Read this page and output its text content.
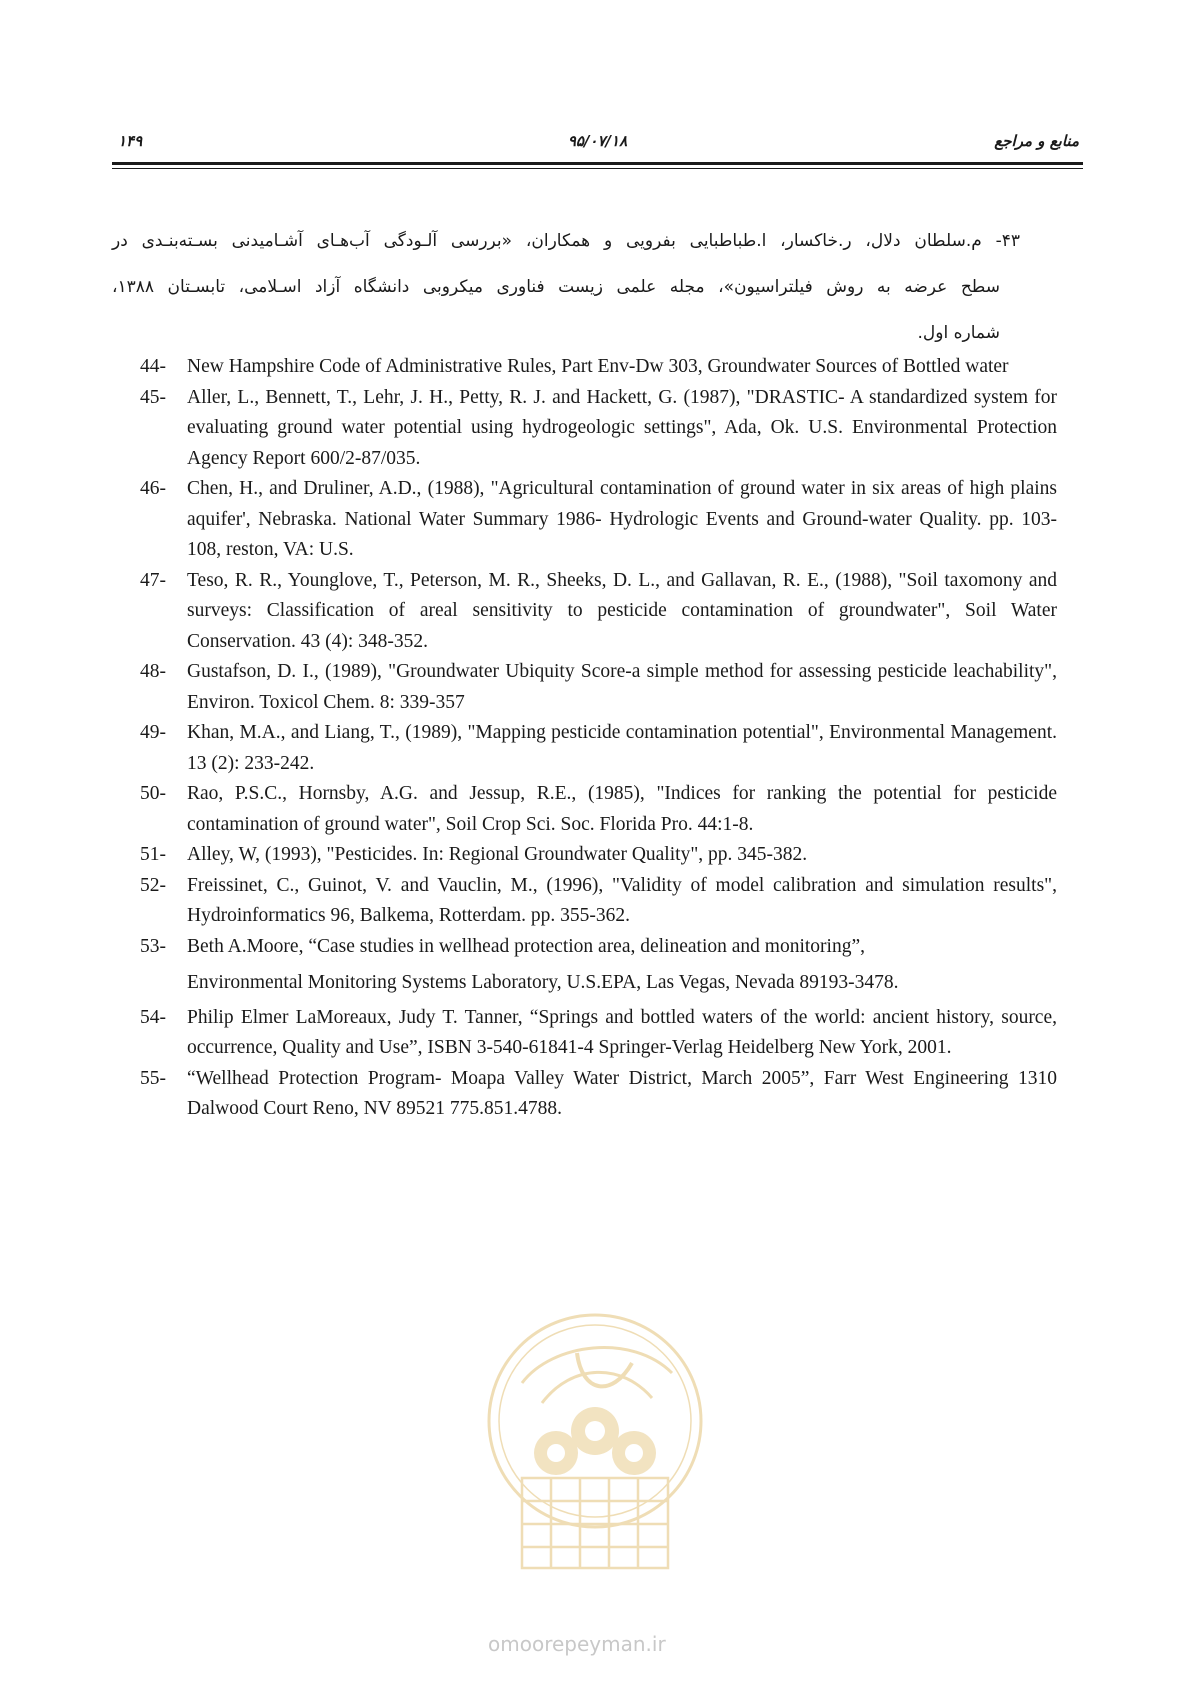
۱۴۹	۹۵/۰۷/۱۸	منابع و مراجع
۴۳- م.سلطان دلال، ر.خاکسار، ا.طباطبایی بفرویی و همکاران، «بررسی آلـودگی آب‌هـای آشـامیدنی بسـته‌بنـدی در
سطح عرضه به روش فیلتراسیون»، مجله علمی زیست فناوری میکروبی دانشگاه آزاد اسـلامی، تابسـتان ۱۳۸۸،
شماره اول.
44-	New Hampshire Code of Administrative Rules, Part Env-Dw 303, Groundwater Sources of Bottled water
45-	Aller, L., Bennett, T., Lehr, J. H., Petty, R. J. and Hackett, G. (1987), "DRASTIC- A standardized system for evaluating ground water potential using hydrogeologic settings", Ada, Ok. U.S. Environmental Protection Agency Report 600/2-87/035.
46-	Chen, H., and Druliner, A.D., (1988), "Agricultural contamination of ground water in six areas of high plains aquifer', Nebraska. National Water Summary 1986- Hydrologic Events and Ground-water Quality. pp. 103-108, reston, VA: U.S.
47-	Teso, R. R., Younglove, T., Peterson, M. R., Sheeks, D. L., and Gallavan, R. E., (1988), "Soil taxomony and surveys: Classification of areal sensitivity to pesticide contamination of groundwater", Soil Water Conservation. 43 (4): 348-352.
48-	Gustafson, D. I., (1989), "Groundwater Ubiquity Score-a simple method for assessing pesticide leachability", Environ. Toxicol Chem. 8: 339-357
49-	Khan, M.A., and Liang, T., (1989), "Mapping pesticide contamination potential", Environmental Management. 13 (2): 233-242.
50-	Rao, P.S.C., Hornsby, A.G. and Jessup, R.E., (1985), "Indices for ranking the potential for pesticide contamination of ground water", Soil Crop Sci. Soc. Florida Pro. 44:1-8.
51-	Alley, W, (1993), "Pesticides. In: Regional Groundwater Quality", pp. 345-382.
52-	Freissinet, C., Guinot, V. and Vauclin, M., (1996), "Validity of model calibration and simulation results", Hydroinformatics 96, Balkema, Rotterdam. pp. 355-362.
53-	Beth A.Moore, “Case studies in wellhead protection area, delineation and monitoring”,
Environmental Monitoring Systems Laboratory, U.S.EPA, Las Vegas, Nevada 89193-3478.
54-	Philip Elmer LaMoreaux, Judy T. Tanner, “Springs and bottled waters of the world: ancient history, source, occurrence, Quality and Use”, ISBN 3-540-61841-4 Springer-Verlag Heidelberg New York, 2001.
55-	“Wellhead Protection Program- Moapa Valley Water District, March 2005”, Farr West Engineering 1310 Dalwood Court Reno, NV 89521 775.851.4788.
omoorepeyman.ir
